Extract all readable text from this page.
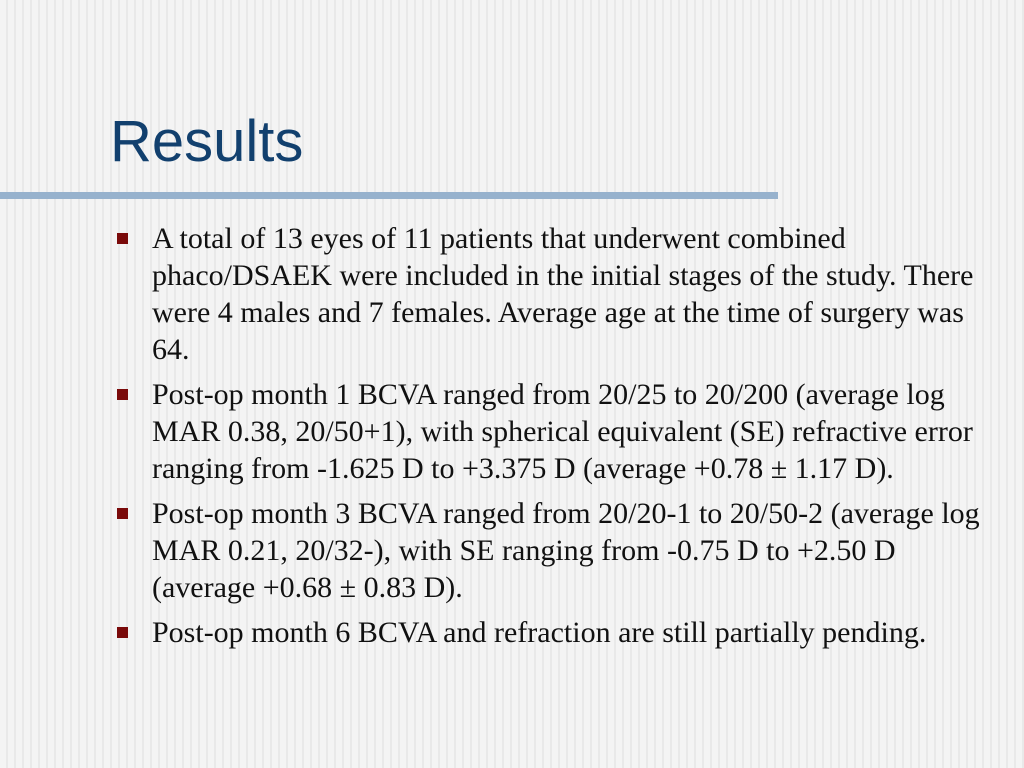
Results
A total of 13 eyes of 11 patients that underwent combined phaco/DSAEK were included in the initial stages of the study. There were 4 males and 7 females. Average age at the time of surgery was 64.
Post-op month 1 BCVA ranged from 20/25 to 20/200 (average log MAR 0.38, 20/50+1), with spherical equivalent (SE) refractive error ranging from -1.625 D to +3.375 D (average +0.78 ± 1.17 D).
Post-op month 3 BCVA ranged from 20/20-1 to 20/50-2 (average log MAR 0.21, 20/32-), with SE ranging from -0.75 D to +2.50 D (average +0.68 ± 0.83 D).
Post-op month 6 BCVA and refraction are still partially pending.
